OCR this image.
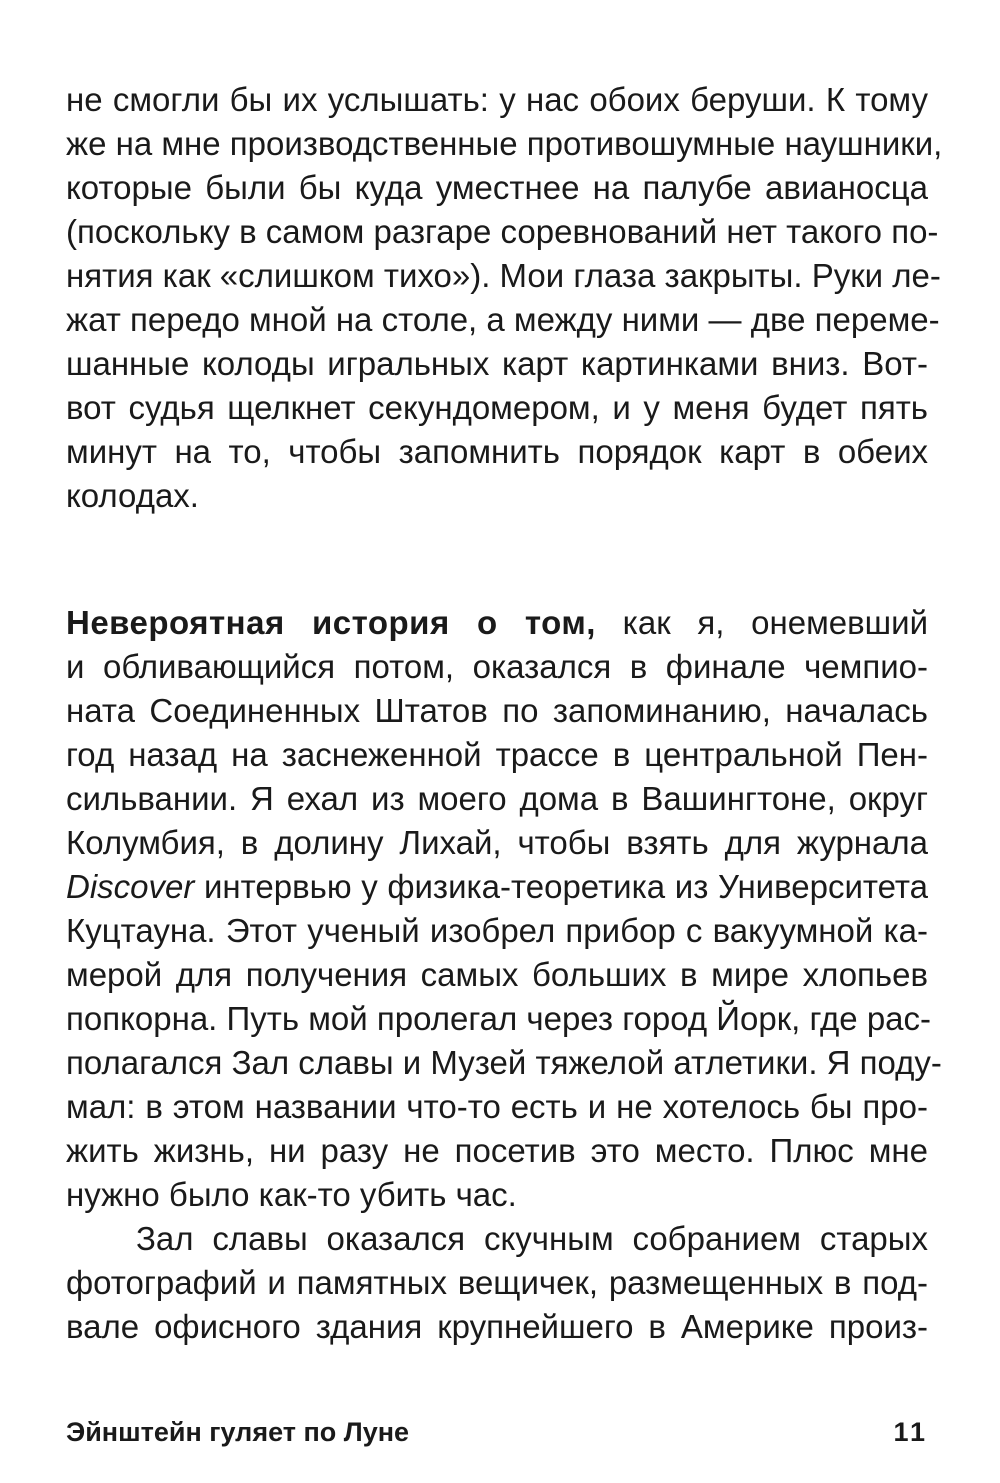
не смогли бы их услышать: у нас обоих беруши. К тому
же на мне производственные противошумные наушники,
которые были бы куда уместнее на палубе авианосца
(поскольку в самом разгаре соревнований нет такого по-
нятия как «слишком тихо»). Мои глаза закрыты. Руки ле-
жат передо мной на столе, а между ними — две переме-
шанные колоды игральных карт картинками вниз. Вот-
вот судья щелкнет секундомером, и у меня будет пять
минут на то, чтобы запомнить порядок карт в обеих
колодах.
Невероятная история о том, как я, онемевший
и обливающийся потом, оказался в финале чемпио-
ната Соединенных Штатов по запоминанию, началась
год назад на заснеженной трассе в центральной Пен-
сильвании. Я ехал из моего дома в Вашингтоне, округ
Колумбия, в долину Лихай, чтобы взять для журнала
Discover интервью у физика-теоретика из Университета
Куцтауна. Этот ученый изобрел прибор с вакуумной ка-
мерой для получения самых больших в мире хлопьев
попкорна. Путь мой пролегал через город Йорк, где рас-
полагался Зал славы и Музей тяжелой атлетики. Я поду-
мал: в этом названии что-то есть и не хотелось бы про-
жить жизнь, ни разу не посетив это место. Плюс мне
нужно было как-то убить час.
Зал славы оказался скучным собранием старых
фотографий и памятных вещичек, размещенных в под-
вале офисного здания крупнейшего в Америке произ-
Эйнштейн гуляет по Луне	11
